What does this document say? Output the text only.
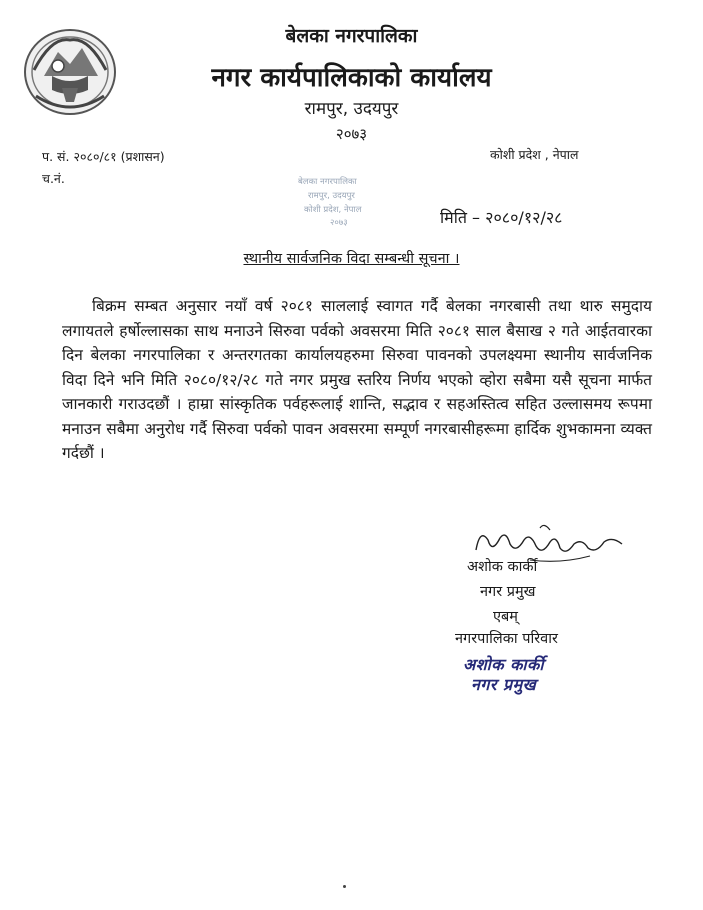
बेलका नगरपालिका
नगर कार्यपालिकाको कार्यालय
रामपुर, उदयपुर
२०७३
प. सं. २०८०/८१ (प्रशासन)
च.नं.
कोशी प्रदेश , नेपाल
बेलका नगरपालिका
रामपुर, उदयपुर
कोशी प्रदेश, नेपाल
२०७३	मिति – २०८०/१२/२८
स्थानीय सार्वजनिक विदा सम्बन्धी सूचना ।
बिक्रम सम्बत अनुसार नयाँ वर्ष २०८१ साललाई स्वागत गर्दै बेलका नगरबासी तथा थारु समुदाय लगायतले हर्षोल्लासका साथ मनाउने सिरुवा पर्वको अवसरमा मिति २०८१ साल बैसाख २ गते आईतवारका दिन बेलका नगरपालिका र अन्तरगतका कार्यालयहरुमा सिरुवा पावनको उपलक्ष्यमा स्थानीय सार्वजनिक विदा दिने भनि मिति २०८०/१२/२८ गते नगर प्रमुख स्तरिय निर्णय भएको व्हाेरा सबैमा यसै सूचना मार्फत जानकारी गराउदछौं । हाम्रा सांस्कृतिक पर्वहरूलाई शान्ति, सद्भाव र सहअस्तित्व सहित उल्लासमय रूपमा मनाउन सबैमा अनुरोध गर्दै सिरुवा पर्वको पावन अवसरमा सम्पूर्ण नगरबासीहरूमा हार्दिक शुभकामना व्यक्त गर्दछौं ।
अशोक कार्की
नगर प्रमुख
एबम्
नगरपालिका परिवार
अशोक कार्की
नगर प्रमुख
